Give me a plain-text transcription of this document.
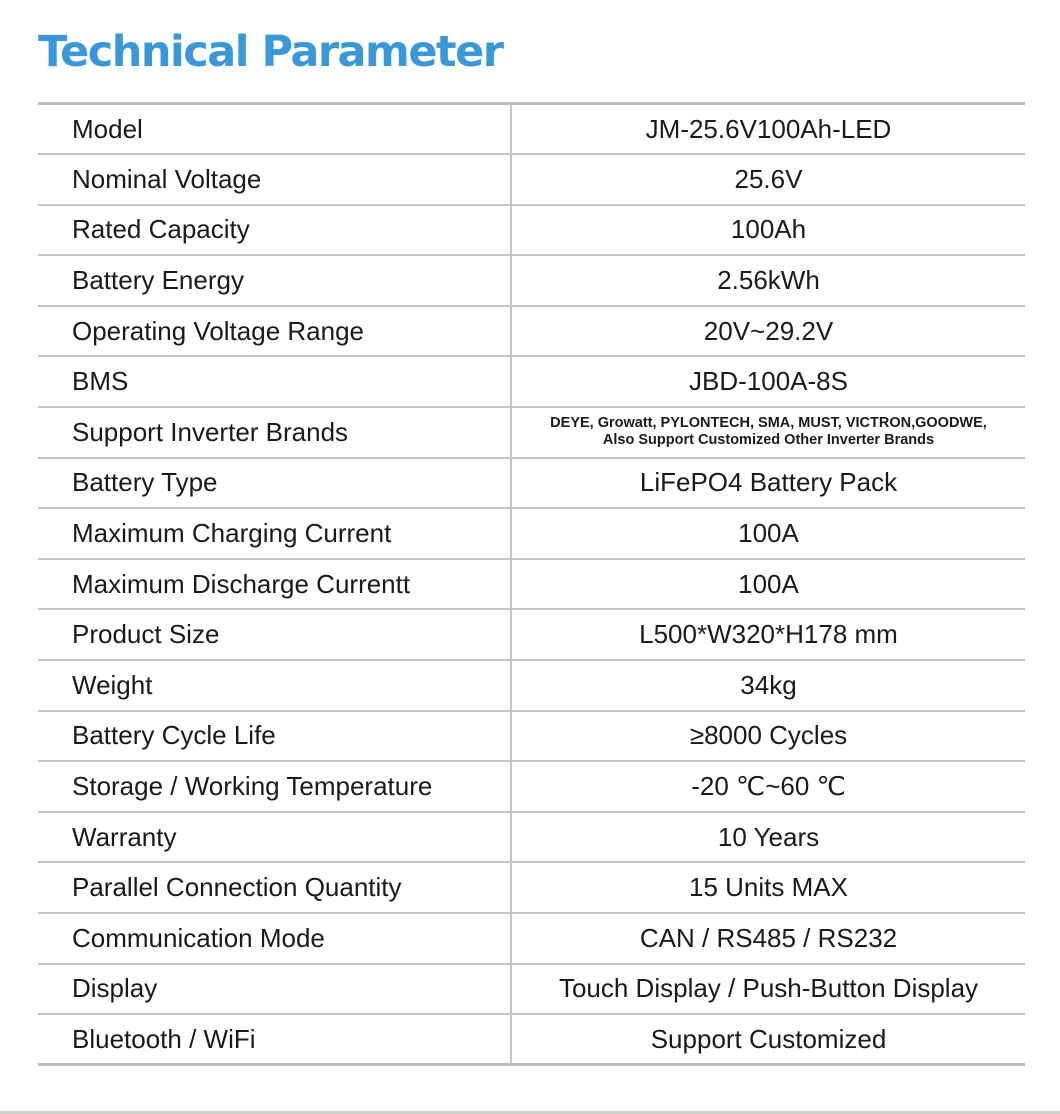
Technical Parameter
Model	JM-25.6V100Ah-LED
Nominal Voltage	25.6V
Rated Capacity	100Ah
Battery Energy	2.56kWh
Operating Voltage Range	20V~29.2V
BMS	JBD-100A-8S
Support Inverter Brands	DEYE, Growatt, PYLONTECH, SMA, MUST, VICTRON,GOODWE,
Also Support Customized Other Inverter Brands

Battery Type	LiFePO4 Battery Pack
Maximum Charging Current	100A
Maximum Discharge Currentt	100A
Product Size	L500*W320*H178 mm
Weight	34kg
Battery Cycle Life	≥8000 Cycles
Storage / Working Temperature	-20 ℃~60 ℃
Warranty	10 Years
Parallel Connection Quantity	15 Units MAX
Communication Mode	CAN / RS485 / RS232
Display	Touch Display / Push-Button Display
Bluetooth / WiFi	Support Customized
